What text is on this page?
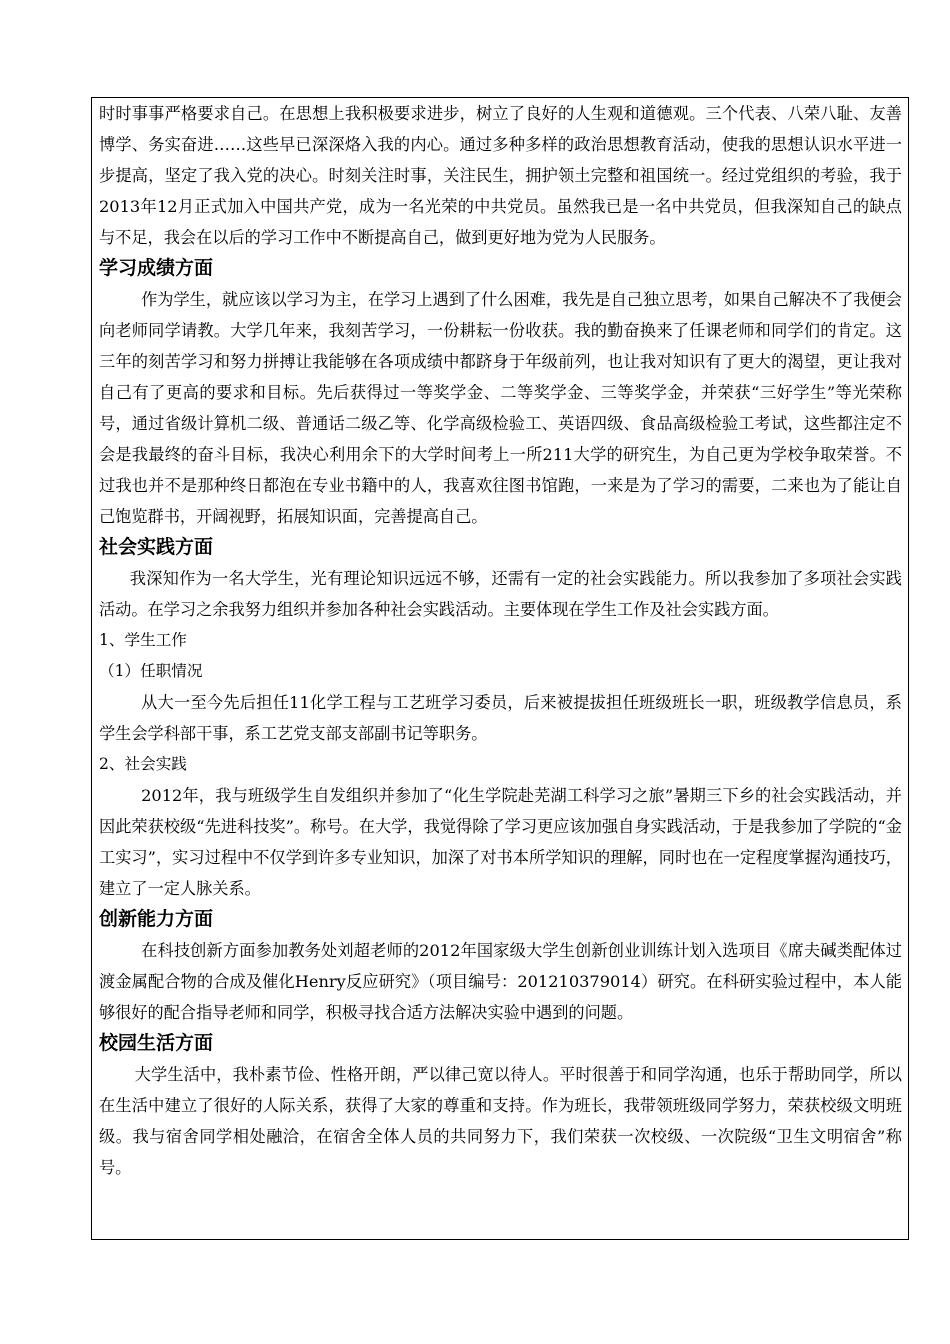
时时事事严格要求自己。在思想上我积极要求进步，树立了良好的人生观和道德观。三个代表、八荣八耻、友善博学、务实奋进……这些早已深深烙入我的内心。通过多种多样的政治思想教育活动，使我的思想认识水平进一步提高，坚定了我入党的决心。时刻关注时事，关注民生，拥护领土完整和祖国统一。经过党组织的考验，我于2013年12月正式加入中国共产党，成为一名光荣的中共党员。虽然我已是一名中共党员，但我深知自己的缺点与不足，我会在以后的学习工作中不断提高自己，做到更好地为党为人民服务。

学习成绩方面

作为学生，就应该以学习为主，在学习上遇到了什么困难，我先是自己独立思考，如果自己解决不了我便会向老师同学请教。大学几年来，我刻苦学习，一份耕耘一份收获。我的勤奋换来了任课老师和同学们的肯定。这三年的刻苦学习和努力拼搏让我能够在各项成绩中都跻身于年级前列，也让我对知识有了更大的渴望，更让我对自己有了更高的要求和目标。先后获得过一等奖学金、二等奖学金、三等奖学金，并荣获“三好学生”等光荣称号，通过省级计算机二级、普通话二级乙等、化学高级检验工、英语四级、食品高级检验工考试，这些都注定不会是我最终的奋斗目标，我决心利用余下的大学时间考上一所211大学的研究生，为自己更为学校争取荣誉。不过我也并不是那种终日都泡在专业书籍中的人，我喜欢往图书馆跑，一来是为了学习的需要，二来也为了能让自己饱览群书，开阔视野，拓展知识面，完善提高自己。

社会实践方面

我深知作为一名大学生，光有理论知识远远不够，还需有一定的社会实践能力。所以我参加了多项社会实践活动。在学习之余我努力组织并参加各种社会实践活动。主要体现在学生工作及社会实践方面。

1、学生工作

（1）任职情况

从大一至今先后担任11化学工程与工艺班学习委员，后来被提拔担任班级班长一职，班级教学信息员，系学生会学科部干事，系工艺党支部支部副书记等职务。

2、社会实践

2012年，我与班级学生自发组织并参加了“化生学院赴芜湖工科学习之旅”暑期三下乡的社会实践活动，并因此荣获校级“先进科技奖”。称号。在大学，我觉得除了学习更应该加强自身实践活动，于是我参加了学院的“金工实习”，实习过程中不仅学到许多专业知识，加深了对书本所学知识的理解，同时也在一定程度掌握沟通技巧，建立了一定人脉关系。

创新能力方面

在科技创新方面参加教务处刘超老师的2012年国家级大学生创新创业训练计划入选项目《席夫碱类配体过渡金属配合物的合成及催化Henry反应研究》（项目编号：201210379014）研究。在科研实验过程中，本人能够很好的配合指导老师和同学，积极寻找合适方法解决实验中遇到的问题。

校园生活方面

大学生活中，我朴素节俭、性格开朗，严以律己宽以待人。平时很善于和同学沟通，也乐于帮助同学，所以在生活中建立了很好的人际关系，获得了大家的尊重和支持。作为班长，我带领班级同学努力，荣获校级文明班级。我与宿舍同学相处融洽，在宿舍全体人员的共同努力下，我们荣获一次校级、一次院级“卫生文明宿舍”称号。
